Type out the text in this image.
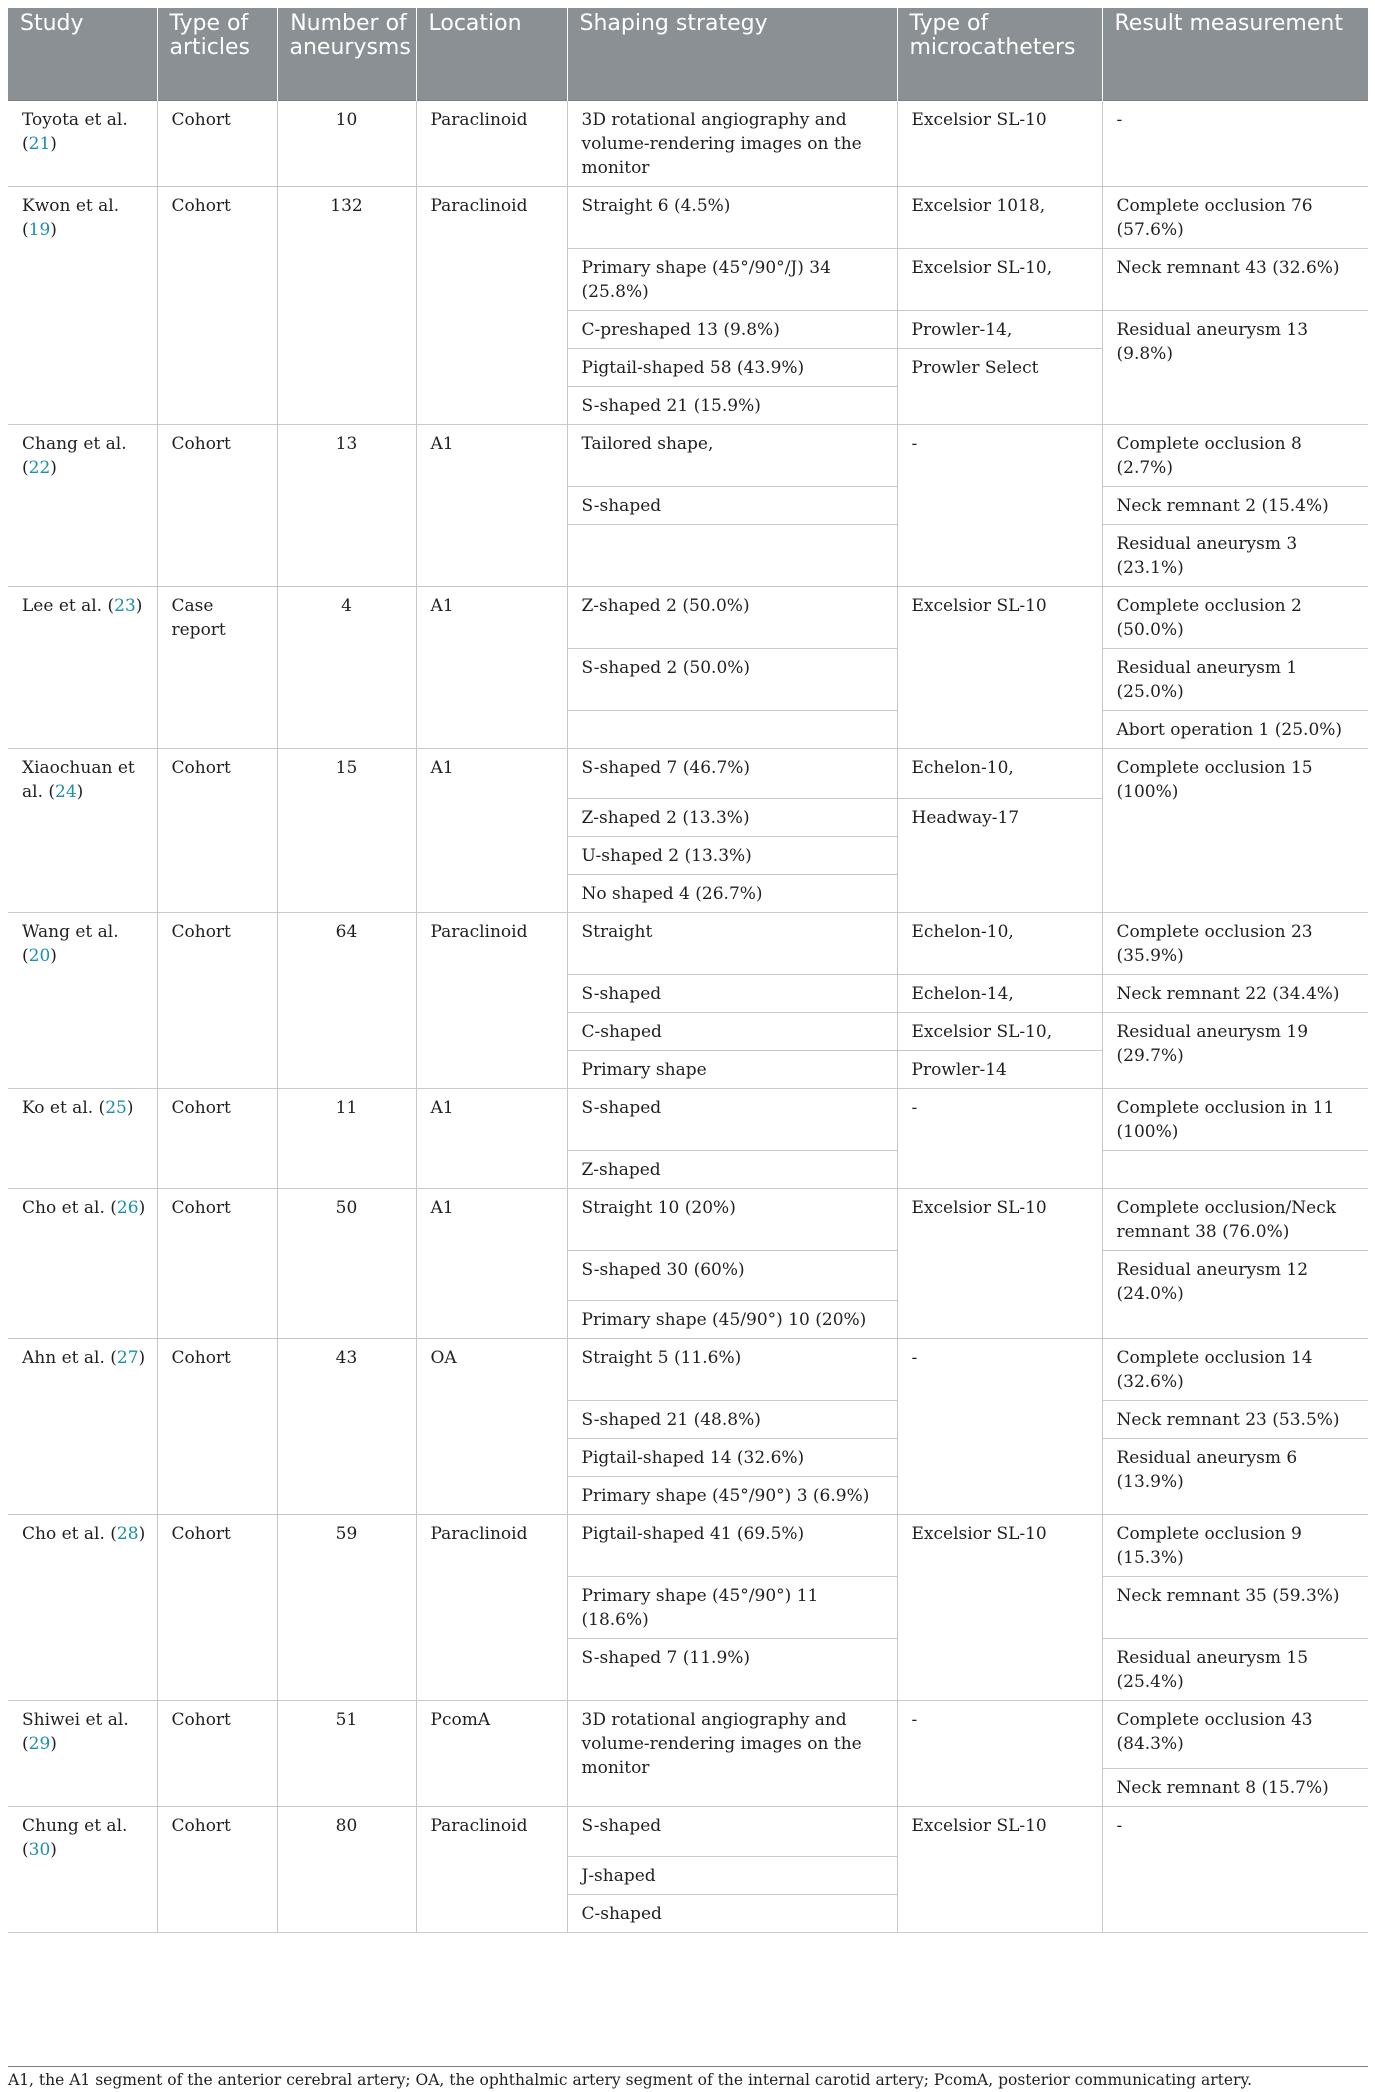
Study	Type of articles	Number of aneurysms	Location	Shaping strategy	Type of microcatheters	Result measurement
Toyota et al. (21)	Cohort	10	Paraclinoid	3D rotational angiography and volume-rendering images on the monitor	Excelsior SL-10	-
Kwon et al. (19)	Cohort	132	Paraclinoid	Straight 6 (4.5%)	Excelsior 1018,	Complete occlusion 76 (57.6%)
				Primary shape (45°/90°/J) 34 (25.8%)	Excelsior SL-10,	Neck remnant 43 (32.6%)
				C-preshaped 13 (9.8%)	Prowler-14,	Residual aneurysm 13 (9.8%)
				Pigtail-shaped 58 (43.9%)	Prowler Select	
				S-shaped 21 (15.9%)		
Chang et al. (22)	Cohort	13	A1	Tailored shape,	-	Complete occlusion 8 (2.7%)
				S-shaped		Neck remnant 2 (15.4%)
						Residual aneurysm 3 (23.1%)
Lee et al. (23)	Case report	4	A1	Z-shaped 2 (50.0%)	Excelsior SL-10	Complete occlusion 2 (50.0%)
				S-shaped 2 (50.0%)		Residual aneurysm 1 (25.0%)
						Abort operation 1 (25.0%)
Xiaochuan et al. (24)	Cohort	15	A1	S-shaped 7 (46.7%)	Echelon-10,	Complete occlusion 15 (100%)
				Z-shaped 2 (13.3%)	Headway-17	
				U-shaped 2 (13.3%)		
				No shaped 4 (26.7%)		
Wang et al. (20)	Cohort	64	Paraclinoid	Straight	Echelon-10,	Complete occlusion 23 (35.9%)
				S-shaped	Echelon-14,	Neck remnant 22 (34.4%)
				C-shaped	Excelsior SL-10,	Residual aneurysm 19 (29.7%)
				Primary shape	Prowler-14	
Ko et al. (25)	Cohort	11	A1	S-shaped	-	Complete occlusion in 11 (100%)
				Z-shaped		
Cho et al. (26)	Cohort	50	A1	Straight 10 (20%)	Excelsior SL-10	Complete occlusion/Neck remnant 38 (76.0%)
				S-shaped 30 (60%)		Residual aneurysm 12 (24.0%)
				Primary shape (45/90°) 10 (20%)		
Ahn et al. (27)	Cohort	43	OA	Straight 5 (11.6%)	-	Complete occlusion 14 (32.6%)
				S-shaped 21 (48.8%)		Neck remnant 23 (53.5%)
				Pigtail-shaped 14 (32.6%)		Residual aneurysm 6 (13.9%)
				Primary shape (45°/90°) 3 (6.9%)		
Cho et al. (28)	Cohort	59	Paraclinoid	Pigtail-shaped 41 (69.5%)	Excelsior SL-10	Complete occlusion 9 (15.3%)
				Primary shape (45°/90°) 11 (18.6%)		Neck remnant 35 (59.3%)
				S-shaped 7 (11.9%)		Residual aneurysm 15 (25.4%)
Shiwei et al. (29)	Cohort	51	PcomA	3D rotational angiography and volume-rendering images on the monitor	-	Complete occlusion 43 (84.3%)
						Neck remnant 8 (15.7%)
Chung et al. (30)	Cohort	80	Paraclinoid	S-shaped	Excelsior SL-10	-
				J-shaped		
				C-shaped		
A1, the A1 segment of the anterior cerebral artery; OA, the ophthalmic artery segment of the internal carotid artery; PcomA, posterior communicating artery.
